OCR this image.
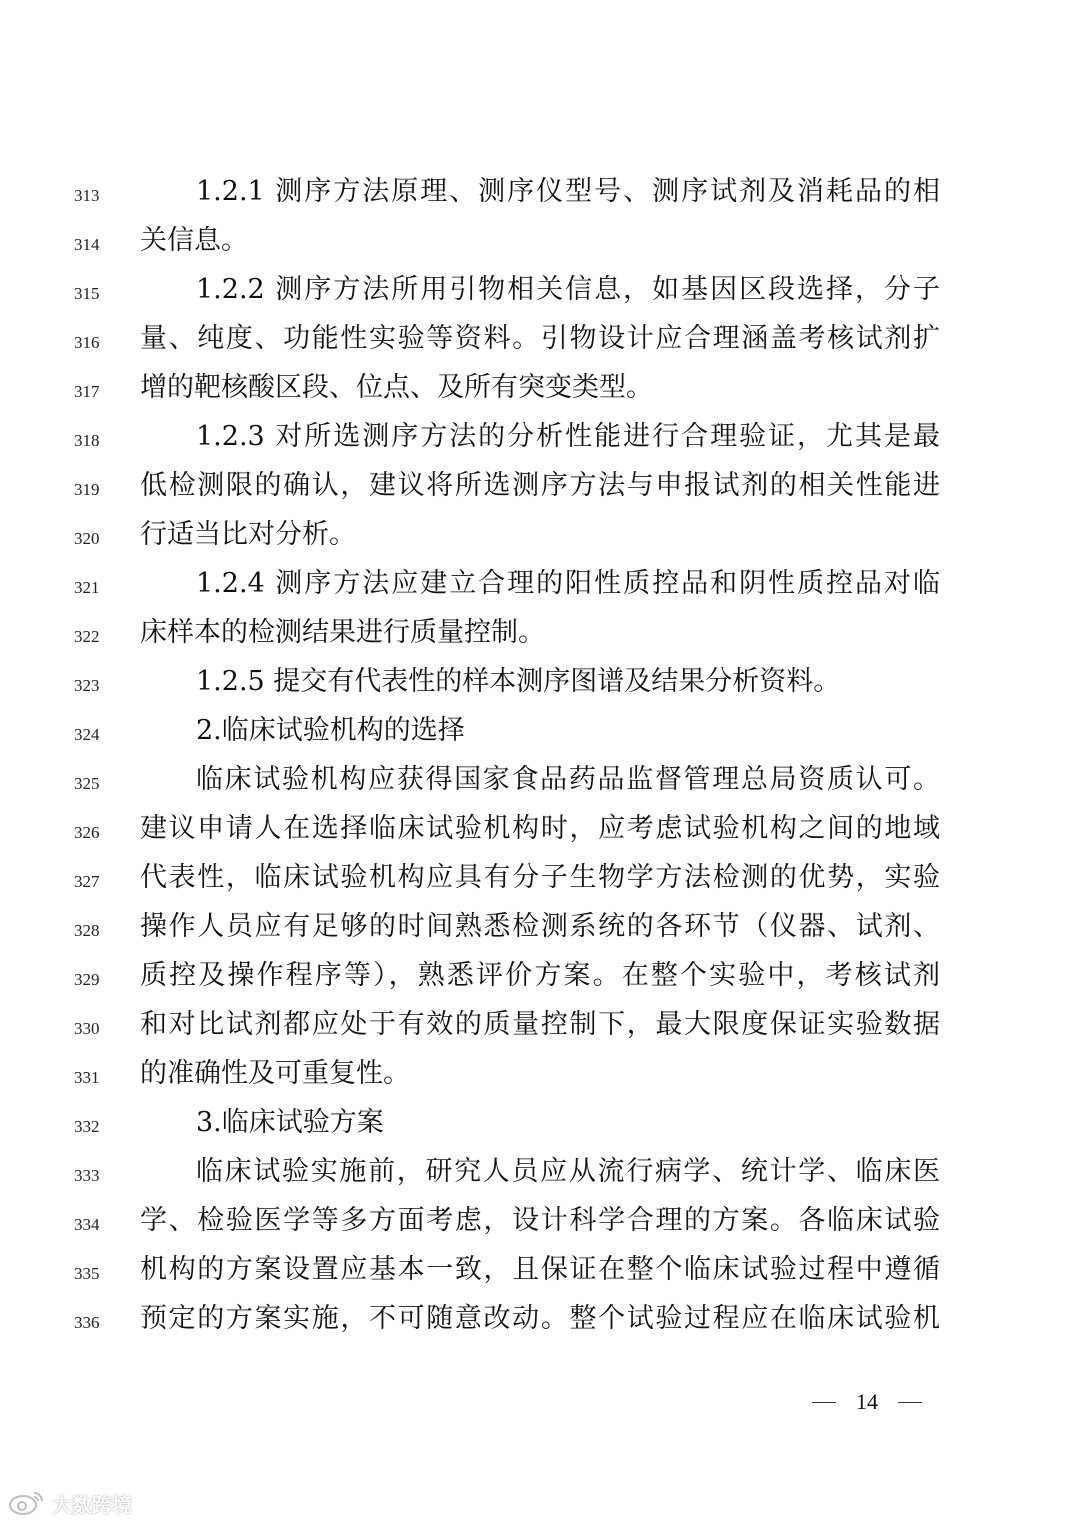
313	1.2.1 测序方法原理、测序仪型号、测序试剂及消耗品的相
314	关信息。
315	1.2.2 测序方法所用引物相关信息，如基因区段选择，分子
316	量、纯度、功能性实验等资料。引物设计应合理涵盖考核试剂扩
317	增的靶核酸区段、位点、及所有突变类型。
318	1.2.3 对所选测序方法的分析性能进行合理验证，尤其是最
319	低检测限的确认，建议将所选测序方法与申报试剂的相关性能进
320	行适当比对分析。
321	1.2.4 测序方法应建立合理的阳性质控品和阴性质控品对临
322	床样本的检测结果进行质量控制。
323	1.2.5 提交有代表性的样本测序图谱及结果分析资料。
324	2.临床试验机构的选择
325	临床试验机构应获得国家食品药品监督管理总局资质认可。
326	建议申请人在选择临床试验机构时，应考虑试验机构之间的地域
327	代表性，临床试验机构应具有分子生物学方法检测的优势，实验
328	操作人员应有足够的时间熟悉检测系统的各环节（仪器、试剂、
329	质控及操作程序等），熟悉评价方案。在整个实验中，考核试剂
330	和对比试剂都应处于有效的质量控制下，最大限度保证实验数据
331	的准确性及可重复性。
332	3.临床试验方案
333	临床试验实施前，研究人员应从流行病学、统计学、临床医
334	学、检验医学等多方面考虑，设计科学合理的方案。各临床试验
335	机构的方案设置应基本一致，且保证在整个临床试验过程中遵循
336	预定的方案实施，不可随意改动。整个试验过程应在临床试验机
14
大数跨境
